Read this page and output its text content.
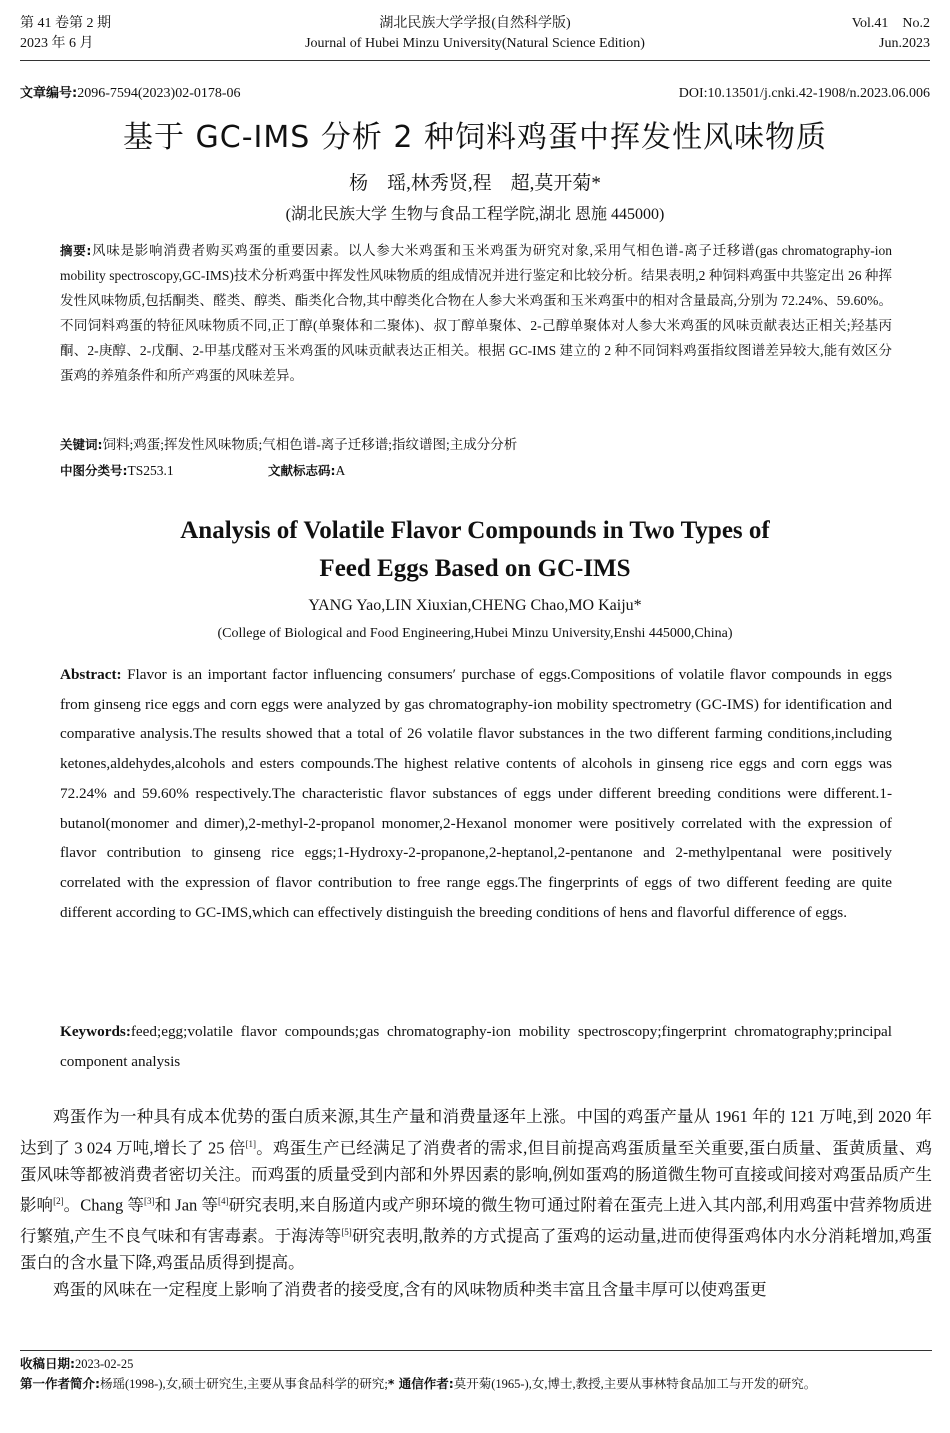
第 41 卷第 2 期
2023 年 6 月
湖北民族大学学报(自然科学版)
Journal of Hubei Minzu University(Natural Science Edition)
Vol.41    No.2
Jun.2023
文章编号:2096-7594(2023)02-0178-06	DOI:10.13501/j.cnki.42-1908/n.2023.06.006
基于 GC-IMS 分析 2 种饲料鸡蛋中挥发性风味物质
杨　瑶,林秀贤,程　超,莫开菊*
(湖北民族大学 生物与食品工程学院,湖北 恩施 445000)
摘要:风味是影响消费者购买鸡蛋的重要因素。以人参大米鸡蛋和玉米鸡蛋为研究对象,采用气相色谱-离子迁移谱(gas chromatography-ion mobility spectroscopy,GC-IMS)技术分析鸡蛋中挥发性风味物质的组成情况并进行鉴定和比较分析。结果表明,2 种饲料鸡蛋中共鉴定出 26 种挥发性风味物质,包括酮类、醛类、醇类、酯类化合物,其中醇类化合物在人参大米鸡蛋和玉米鸡蛋中的相对含量最高,分别为 72.24%、59.60%。不同饲料鸡蛋的特征风味物质不同,正丁醇(单聚体和二聚体)、叔丁醇单聚体、2-己醇单聚体对人参大米鸡蛋的风味贡献表达正相关;羟基丙酮、2-庚醇、2-戊酮、2-甲基戊醛对玉米鸡蛋的风味贡献表达正相关。根据 GC-IMS 建立的 2 种不同饲料鸡蛋指纹图谱差异较大,能有效区分蛋鸡的养殖条件和所产鸡蛋的风味差异。
关键词:饲料;鸡蛋;挥发性风味物质;气相色谱-离子迁移谱;指纹谱图;主成分分析
中图分类号:TS253.1	文献标志码:A
Analysis of Volatile Flavor Compounds in Two Types of
Feed Eggs Based on GC-IMS
YANG Yao,LIN Xiuxian,CHENG Chao,MO Kaiju*
(College of Biological and Food Engineering,Hubei Minzu University,Enshi 445000,China)
Abstract: Flavor is an important factor influencing consumers′ purchase of eggs.Compositions of volatile flavor compounds in eggs from ginseng rice eggs and corn eggs were analyzed by gas chromatography-ion mobility spectrometry (GC-IMS) for identification and comparative analysis.The results showed that a total of 26 volatile flavor substances in the two different farming conditions,including ketones,aldehydes,alcohols and esters compounds.The highest relative contents of alcohols in ginseng rice eggs and corn eggs was 72.24% and 59.60% respectively.The characteristic flavor substances of eggs under different breeding conditions were different.1-butanol(monomer and dimer),2-methyl-2-propanol monomer,2-Hexanol monomer were positively correlated with the expression of flavor contribution to ginseng rice eggs;1-Hydroxy-2-propanone,2-heptanol,2-pentanone and 2-methylpentanal were positively correlated with the expression of flavor contribution to free range eggs.The fingerprints of eggs of two different feeding are quite different according to GC-IMS,which can effectively distinguish the breeding conditions of hens and flavorful difference of eggs.
Keywords:feed;egg;volatile flavor compounds;gas chromatography-ion mobility spectroscopy;fingerprint chromatography;principal component analysis

鸡蛋作为一种具有成本优势的蛋白质来源,其生产量和消费量逐年上涨。中国的鸡蛋产量从 1961 年的 121 万吨,到 2020 年达到了 3 024 万吨,增长了 25 倍[1]。鸡蛋生产已经满足了消费者的需求,但目前提高鸡蛋质量至关重要,蛋白质量、蛋黄质量、鸡蛋风味等都被消费者密切关注。而鸡蛋的质量受到内部和外界因素的影响,例如蛋鸡的肠道微生物可直接或间接对鸡蛋品质产生影响[2]。Chang 等[3]和 Jan 等[4]研究表明,来自肠道内或产卵环境的微生物可通过附着在蛋壳上进入其内部,利用鸡蛋中营养物质进行繁殖,产生不良气味和有害毒素。于海涛等[5]研究表明,散养的方式提高了蛋鸡的运动量,进而使得蛋鸡体内水分消耗增加,鸡蛋蛋白的含水量下降,鸡蛋品质得到提高。

鸡蛋的风味在一定程度上影响了消费者的接受度,含有的风味物质种类丰富且含量丰厚可以使鸡蛋更

收稿日期:2023-02-25
第一作者简介:杨瑶(1998-),女,硕士研究生,主要从事食品科学的研究;* 通信作者:莫开菊(1965-),女,博士,教授,主要从事林特食品加工与开发的研究。
